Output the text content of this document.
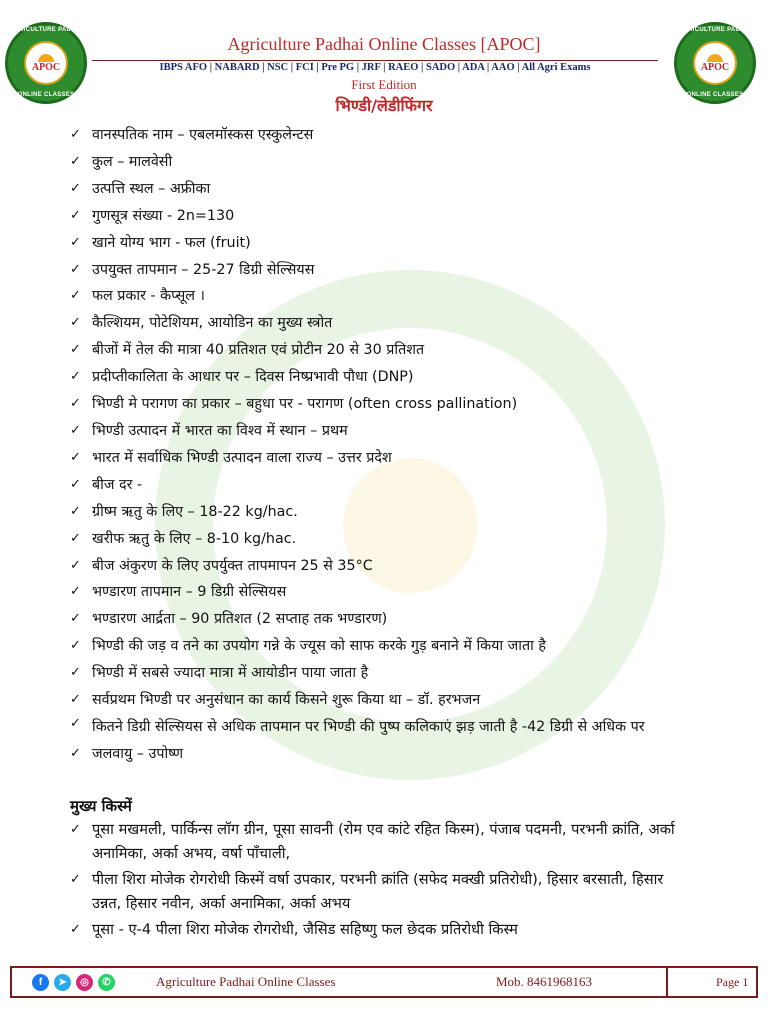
AGRICULTURE PADHAI
APOC
ONLINE CLASSES
AGRICULTURE PADHAI
APOC
ONLINE CLASSES
Agriculture Padhai Online Classes [APOC]
IBPS AFO | NABARD | NSC | FCI | Pre PG | JRF | RAEO | SADO | ADA | AAO | All Agri Exams
First Edition
भिण्डी/लेडीफिंगर
✓ वानस्पतिक नाम – एबलमॉस्कस एस्कुलेन्टस
✓ कुल – मालवेसी
✓ उत्पत्ति स्थल – अफ्रीका
✓ गुणसूत्र संख्या - 2n=130
✓ खाने योग्य भाग - फल (fruit)
✓ उपयुक्त तापमान – 25-27 डिग्री सेल्सियस
✓ फल प्रकार - कैप्सूल ।
✓ कैल्शियम, पोटेशियम, आयोडिन का मुख्य स्त्रोत
✓ बीजों में तेल की मात्रा 40 प्रतिशत एवं प्रोटीन 20 से 30 प्रतिशत
✓ प्रदीप्तीकालिता के आधार पर – दिवस निष्प्रभावी पौधा (DNP)
✓ भिण्डी मे परागण का प्रकार – बहुधा पर - परागण (often cross pallination)
✓ भिण्डी उत्पादन में भारत का विश्व में स्थान – प्रथम
✓ भारत में सर्वाधिक भिण्डी उत्पादन वाला राज्य – उत्तर प्रदेश
✓ बीज दर -
✓ ग्रीष्म ऋतु के लिए – 18-22 kg/hac.
✓ खरीफ ऋतु के लिए – 8-10 kg/hac.
✓ बीज अंकुरण के लिए उपर्युक्त तापमापन 25 से 35°C
✓ भण्डारण तापमान – 9 डिग्री सेल्सियस
✓ भण्डारण आर्द्रता – 90 प्रतिशत (2 सप्ताह तक भण्डारण)
✓ भिण्डी की जड़ व तने का उपयोग गन्ने के ज्यूस को साफ करके गुड़ बनाने में किया जाता है
✓ भिण्डी में सबसे ज्यादा मात्रा में आयोडीन पाया जाता है
✓ सर्वप्रथम भिण्डी पर अनुसंधान का कार्य किसने शुरू किया था – डॉ. हरभजन
✓ कितने डिग्री सेल्सियस से अधिक तापमान पर भिण्डी की पुष्प कलिकाएं झड़ जाती है -42 डिग्री से अधिक पर
✓ जलवायु – उपोष्ण
मुख्य किस्में
✓ पूसा मखमली, पार्किन्स लॉग ग्रीन, पूसा सावनी (रोम एव कांटे रहित किस्म), पंजाब पदमनी, परभनी क्रांति, अर्का अनामिका, अर्का अभय, वर्षा पाँचाली,
✓ पीला शिरा मोजेक रोगरोधी किस्में वर्षा उपकार, परभनी क्रांति (सफेद मक्खी प्रतिरोधी), हिसार बरसाती, हिसार उन्नत, हिसार नवीन, अर्का अनामिका, अर्का अभय
✓ पूसा - ए-4 पीला शिरा मोजेक रोगरोधी, जैसिड सहिष्णु फल छेदक प्रतिरोधी किस्म
f	➤	◎	✆	Agriculture Padhai Online Classes	Mob. 8461968163	Page 1
